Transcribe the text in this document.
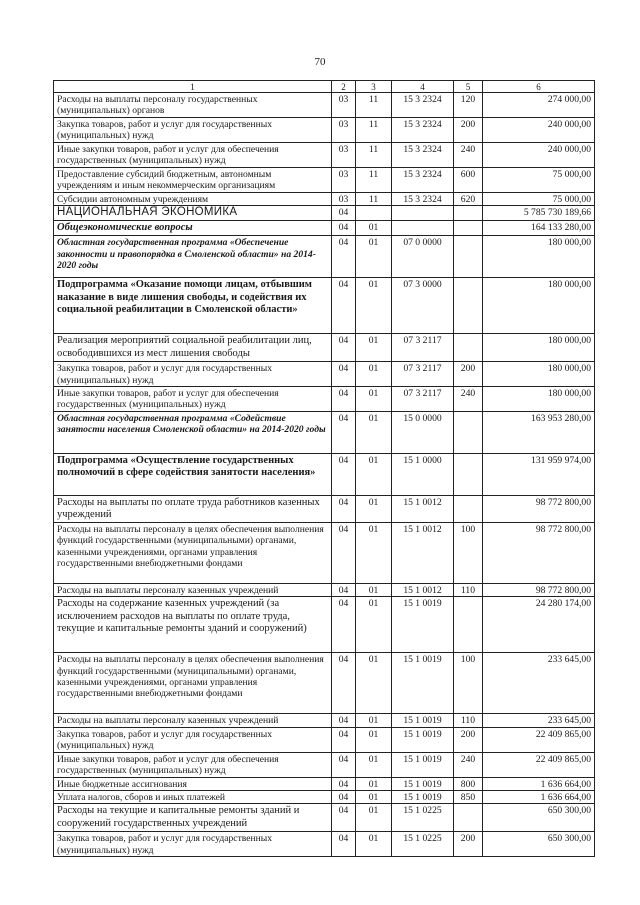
70
1	2	3	4	5	6
Расходы на выплаты персоналу государственных (муниципальных) органов	03	11	15 3 2324	120	274 000,00
Закупка товаров, работ и услуг для государственных (муниципальных) нужд	03	11	15 3 2324	200	240 000,00
Иные закупки товаров, работ и услуг для обеспечения государственных (муниципальных) нужд	03	11	15 3 2324	240	240 000,00
Предоставление субсидий бюджетным, автономным учреждениям и иным некоммерческим организациям	03	11	15 3 2324	600	75 000,00
Субсидии автономным учреждениям	03	11	15 3 2324	620	75 000,00
НАЦИОНАЛЬНАЯ ЭКОНОМИКА	04				5 785 730 189,66
Общеэкономические вопросы	04	01			164 133 280,00
Областная государственная программа «Обеспечение законности и правопорядка в Смоленской области» на 2014-2020 годы	04	01	07 0 0000		180 000,00
Подпрограмма «Оказание помощи лицам, отбывшим наказание в виде лишения свободы, и содействия их социальной реабилитации в Смоленской области»	04	01	07 3 0000		180 000,00
Реализация мероприятий социальной реабилитации лиц, освободившихся из мест лишения свободы	04	01	07 3 2117		180 000,00
Закупка товаров, работ и услуг для государственных (муниципальных) нужд	04	01	07 3 2117	200	180 000,00
Иные закупки товаров, работ и услуг для обеспечения государственных (муниципальных) нужд	04	01	07 3 2117	240	180 000,00
Областная государственная программа «Содействие занятости населения Смоленской области» на 2014-2020 годы	04	01	15 0 0000		163 953 280,00
Подпрограмма «Осуществление государственных полномочий в сфере содействия занятости населения»	04	01	15 1 0000		131 959 974,00
Расходы на выплаты по оплате труда работников казенных учреждений	04	01	15 1 0012		98 772 800,00
Расходы на выплаты персоналу в целях обеспечения выполнения функций государственными (муниципальными) органами, казенными учреждениями, органами управления государственными внебюджетными фондами	04	01	15 1 0012	100	98 772 800,00
Расходы на выплаты персоналу казенных учреждений	04	01	15 1 0012	110	98 772 800,00
Расходы на содержание казенных учреждений (за исключением расходов на выплаты по оплате труда, текущие и капитальные ремонты зданий и сооружений)	04	01	15 1 0019		24 280 174,00
Расходы на выплаты персоналу в целях обеспечения выполнения функций государственными (муниципальными) органами, казенными учреждениями, органами управления государственными внебюджетными фондами	04	01	15 1 0019	100	233 645,00
Расходы на выплаты персоналу казенных учреждений	04	01	15 1 0019	110	233 645,00
Закупка товаров, работ и услуг для государственных (муниципальных) нужд	04	01	15 1 0019	200	22 409 865,00
Иные закупки товаров, работ и услуг для обеспечения государственных (муниципальных) нужд	04	01	15 1 0019	240	22 409 865,00
Иные бюджетные ассигнования	04	01	15 1 0019	800	1 636 664,00
Уплата налогов, сборов и иных платежей	04	01	15 1 0019	850	1 636 664,00
Расходы на текущие и капитальные ремонты зданий и сооружений государственных учреждений	04	01	15 1 0225		650 300,00
Закупка товаров, работ и услуг для государственных (муниципальных) нужд	04	01	15 1 0225	200	650 300,00
